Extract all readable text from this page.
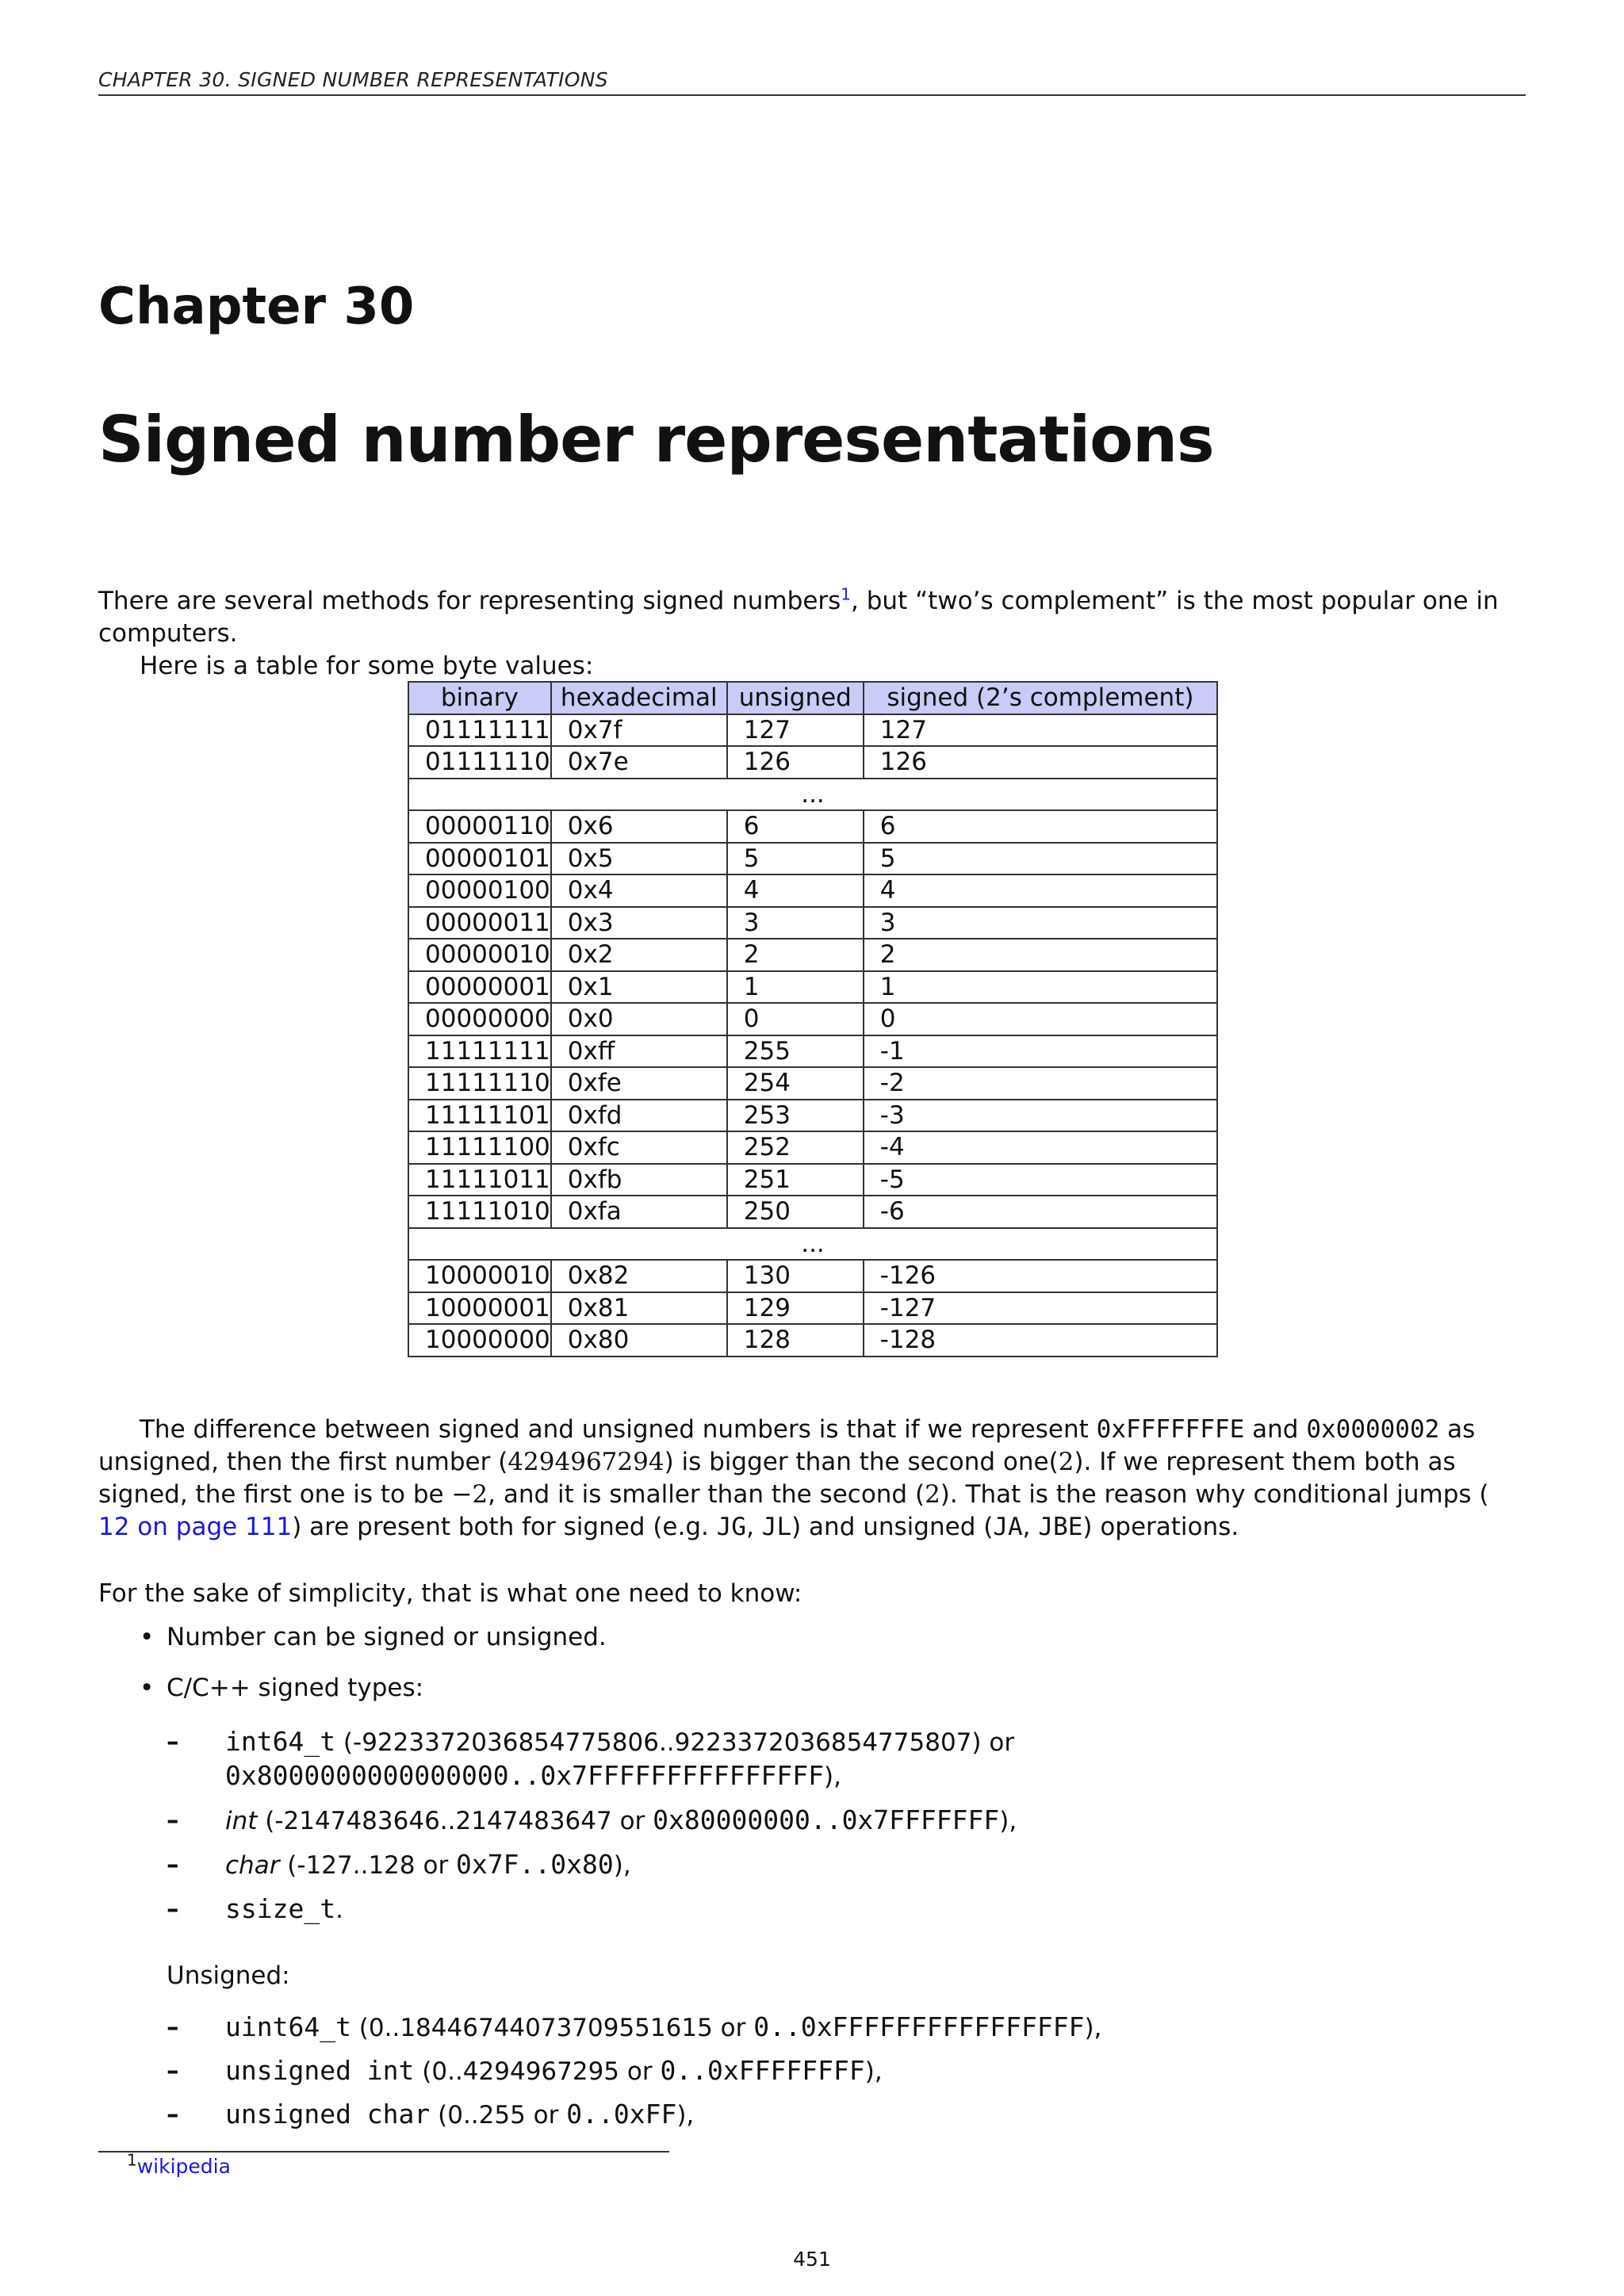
CHAPTER 30. SIGNED NUMBER REPRESENTATIONS
Chapter 30
Signed number representations
There are several methods for representing signed numbers$^1$, but “two’s complement” is the most popular one in computers.
Here is a table for some byte values:
binary	hexadecimal	unsigned	signed (2’s complement)
01111111	0x7f	127	127
01111110	0x7e	126	126
...			
00000110	0x6	6	6
00000101	0x5	5	5
00000100	0x4	4	4
00000011	0x3	3	3
00000010	0x2	2	2
00000001	0x1	1	1
00000000	0x0	0	0
11111111	0xff	255	-1
11111110	0xfe	254	-2
11111101	0xfd	253	-3
11111100	0xfc	252	-4
11111011	0xfb	251	-5
11111010	0xfa	250	-6
...			
10000010	0x82	130	-126
10000001	0x81	129	-127
10000000	0x80	128	-128
The difference between signed and unsigned numbers is that if we represent 0xFFFFFFFE and 0x0000002 as unsigned, then the first number (4294967294) is bigger than the second one(2). If we represent them both as signed, the first one is to be −2, and it is smaller than the second (2). That is the reason why conditional jumps ( 12 on page 111) are present both for signed (e.g. JG, JL) and unsigned (JA, JBE) operations.
For the sake of simplicity, that is what one need to know:
• Number can be signed or unsigned.
• C/C++ signed types:
– int64_t (-9223372036854775806..9223372036854775807) or
0x8000000000000000..0x7FFFFFFFFFFFFFFF),
– int (-2147483646..2147483647 or 0x80000000..0x7FFFFFFF),
– char (-127..128 or 0x7F..0x80),
– ssize_t.
Unsigned:
– uint64_t (0..18446744073709551615 or 0..0xFFFFFFFFFFFFFFFF),
– unsigned int (0..4294967295 or 0..0xFFFFFFFF),
– unsigned char (0..255 or 0..0xFF),
$^1$wikipedia
451
